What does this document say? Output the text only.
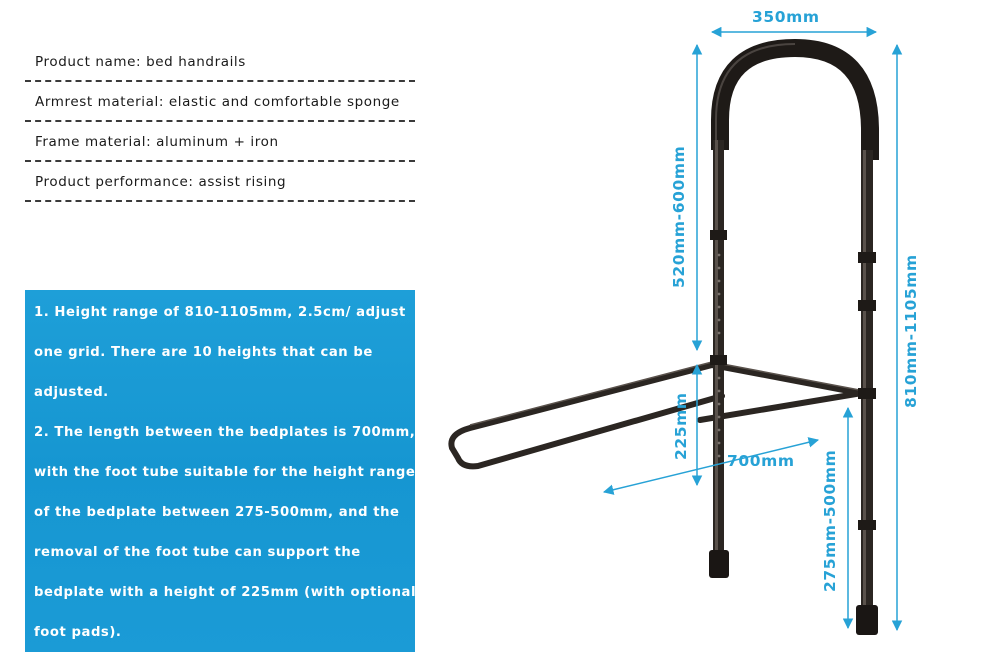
Product name: bed handrails
Armrest material: elastic and comfortable sponge
Frame material: aluminum + iron
Product performance: assist rising
1. Height range of 810-1105mm, 2.5cm/ adjust
one grid. There are 10 heights that can be
adjusted.
2. The length between the bedplates is 700mm,
with the foot tube suitable for the height range
of the bedplate between 275-500mm, and the
removal of the foot tube can support the
bedplate with a height of 225mm (with optional
foot pads).
350mm
520mm-600mm
810mm-1105mm
225mm
700mm 275mm-500mm
